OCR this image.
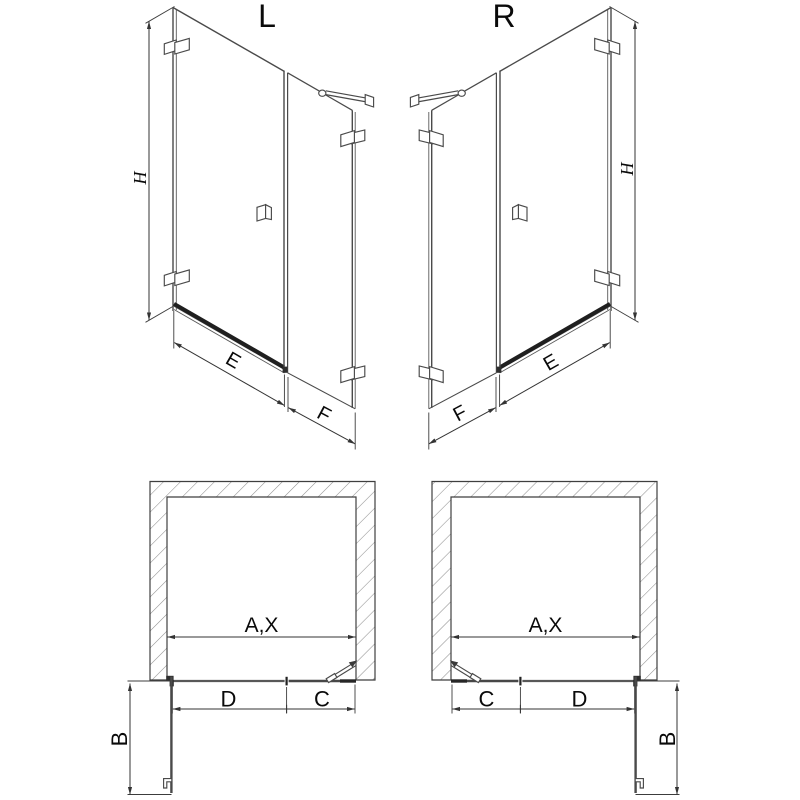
L	R
H
H
E
F
E
F
A,X	A,X
D	C	C	D
B	B
